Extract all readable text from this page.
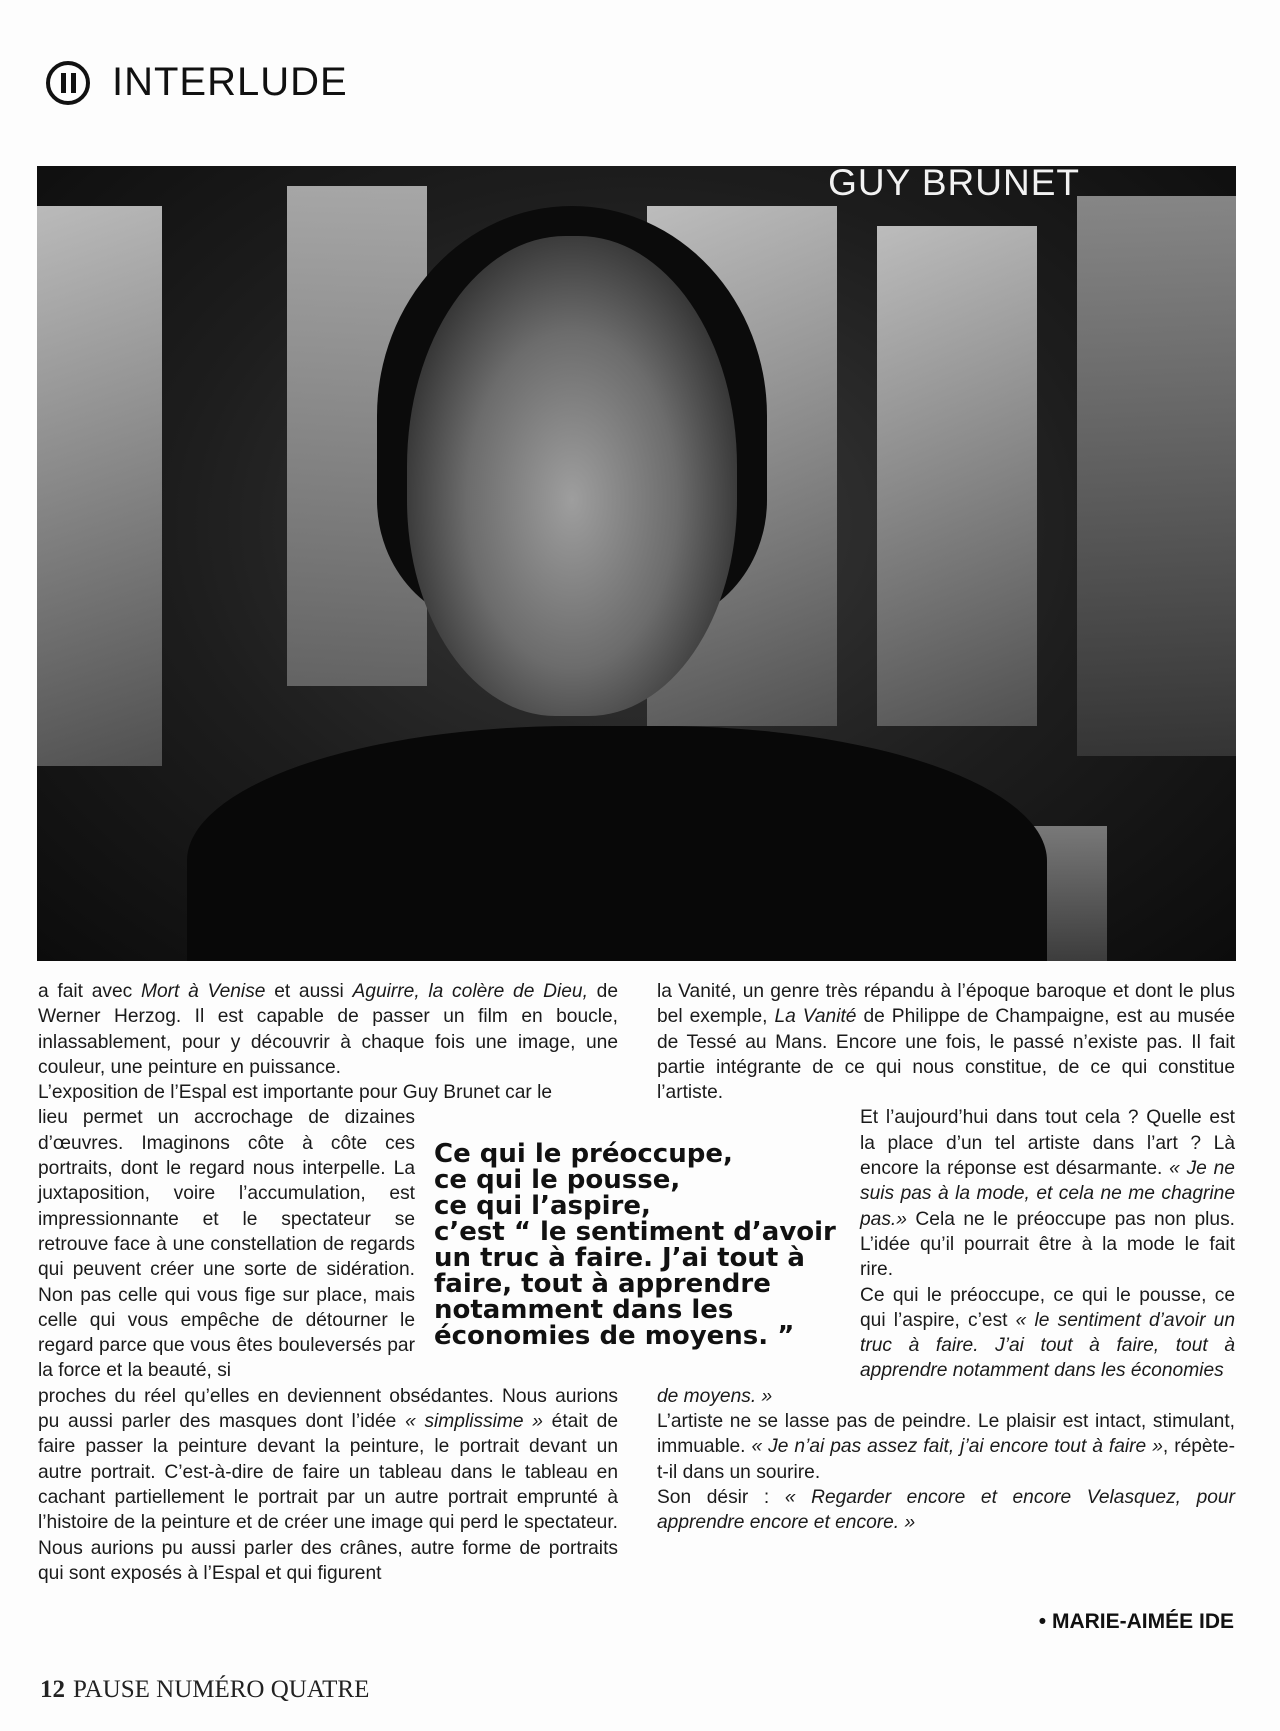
INTERLUDE
GUY BRUNET

a fait avec Mort à Venise et aussi Aguirre, la colère de Dieu, de Werner Herzog. Il est capable de passer un film en boucle, inlassablement, pour y découvrir à chaque fois une image, une couleur, une peinture en puissance.

L’exposition de l’Espal est importante pour Guy Brunet car le
lieu permet un accrochage de dizaines d’œuvres. Imaginons côte à côte ces portraits, dont le regard nous interpelle. La juxtaposition, voire l’accumulation, est impressionnante et le spectateur se retrouve face à une constellation de regards qui peuvent créer une sorte de sidération. Non pas celle qui vous fige sur place, mais celle qui vous empêche de détourner le regard parce que vous êtes bouleversés par la force et la beauté, si
proches du réel qu’elles en deviennent obsédantes. Nous aurions pu aussi parler des masques dont l’idée « simplissime » était de faire passer la peinture devant la peinture, le portrait devant un autre portrait. C’est-à-dire de faire un tableau dans le tableau en cachant partiellement le portrait par un autre portrait emprunté à l’histoire de la peinture et de créer une image qui perd le spectateur. Nous aurions pu aussi parler des crânes, autre forme de portraits qui sont exposés à l’Espal et qui figurent

Ce qui le préoccupe,
ce qui le pousse,
ce qui l’aspire,
c’est “ le sentiment d’avoir
un truc à faire. J’ai tout à
faire, tout à apprendre
notamment dans les
économies de moyens. ”

la Vanité, un genre très répandu à l’époque baroque et dont le plus bel exemple, La Vanité de Philippe de Champaigne, est au musée de Tessé au Mans. Encore une fois, le passé n’existe pas. Il fait partie intégrante de ce qui nous constitue, de ce qui constitue l’artiste.

Et l’aujourd’hui dans tout cela ? Quelle est la place d’un tel artiste dans l’art ? Là encore la réponse est désarmante. « Je ne suis pas à la mode, et cela ne me chagrine pas.» Cela ne le préoccupe pas non plus. L’idée qu’il pourrait être à la mode le fait rire.

Ce qui le préoccupe, ce qui le pousse, ce qui l’aspire, c’est « le sentiment d’avoir un truc à faire. J’ai tout à faire, tout à apprendre notamment dans les économies

de moyens. »

L’artiste ne se lasse pas de peindre. Le plaisir est intact, stimulant, immuable. « Je n’ai pas assez fait, j’ai encore tout à faire », répète-t-il dans un sourire.

Son désir : « Regarder encore et encore Velasquez, pour apprendre encore et encore. »

• MARIE-AIMÉE IDE
12 PAUSE NUMÉRO QUATRE
